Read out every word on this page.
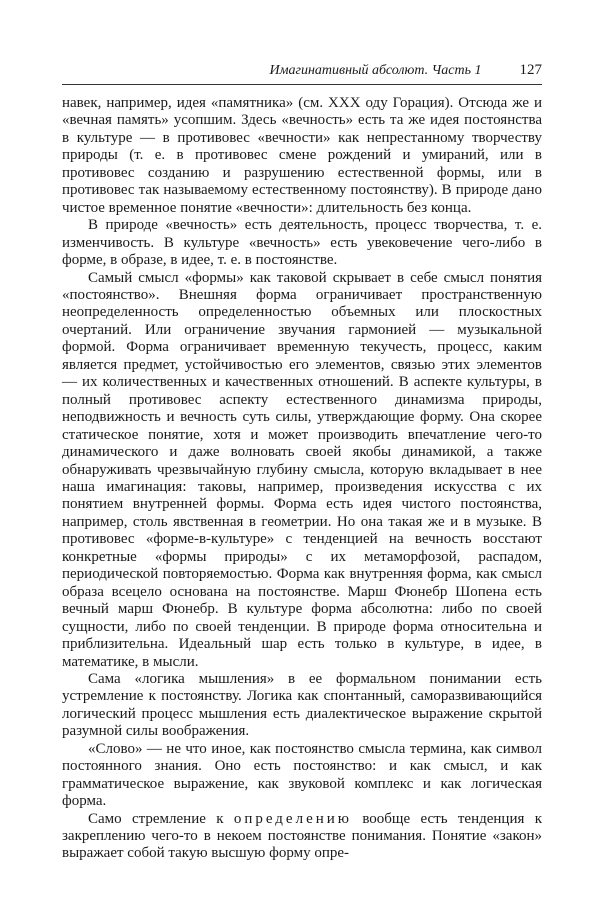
Имагинативный абсолют. Часть 1	127

навек, например, идея «памятника» (см. XXX оду Горация). Отсюда же и «вечная память» усопшим. Здесь «вечность» есть та же идея постоянства в культуре — в противовес «вечности» как непрестанному творчеству природы (т. е. в противовес смене рождений и умираний, или в противовес созданию и разрушению естественной формы, или в противовес так называемому естественному постоянству). В природе дано чистое временное понятие «вечности»: длительность без конца.

В природе «вечность» есть деятельность, процесс творчества, т. е. изменчивость. В культуре «вечность» есть увековечение чего-либо в форме, в образе, в идее, т. е. в постоянстве.

Самый смысл «формы» как таковой скрывает в себе смысл понятия «постоянство». Внешняя форма ограничивает пространственную неопределенность определенностью объемных или плоскостных очертаний. Или ограничение звучания гармонией — музыкальной формой. Форма ограничивает временную текучесть, процесс, каким является предмет, устойчивостью его элементов, связью этих элементов — их количественных и качественных отношений. В аспекте культуры, в полный противовес аспекту естественного динамизма природы, неподвижность и вечность суть силы, утверждающие форму. Она скорее статическое понятие, хотя и может производить впечатление чего-то динамического и даже волновать своей якобы динамикой, а также обнаруживать чрезвычайную глубину смысла, которую вкладывает в нее наша имагинация: таковы, например, произведения искусства с их понятием внутренней формы. Форма есть идея чистого постоянства, например, столь явственная в геометрии. Но она такая же и в музыке. В противовес «форме-в-культуре» с тенденцией на вечность восстают конкретные «формы природы» с их метаморфозой, распадом, периодической повторяемостью. Форма как внутренняя форма, как смысл образа всецело основана на постоянстве. Марш Фюнебр Шопена есть вечный марш Фюнебр. В культуре форма абсолютна: либо по своей сущности, либо по своей тенденции. В природе форма относительна и приблизительна. Идеальный шар есть только в культуре, в идее, в математике, в мысли.

Сама «логика мышления» в ее формальном понимании есть устремление к постоянству. Логика как спонтанный, саморазвивающийся логический процесс мышления есть диалектическое выражение скрытой разумной силы воображения.

«Слово» — не что иное, как постоянство смысла термина, как символ постоянного знания. Оно есть постоянство: и как смысл, и как грамматическое выражение, как звуковой комплекс и как логическая форма.

Само стремление к определению вообще есть тенденция к закреплению чего-то в некоем постоянстве понимания. Понятие «закон» выражает собой такую высшую форму опре-
